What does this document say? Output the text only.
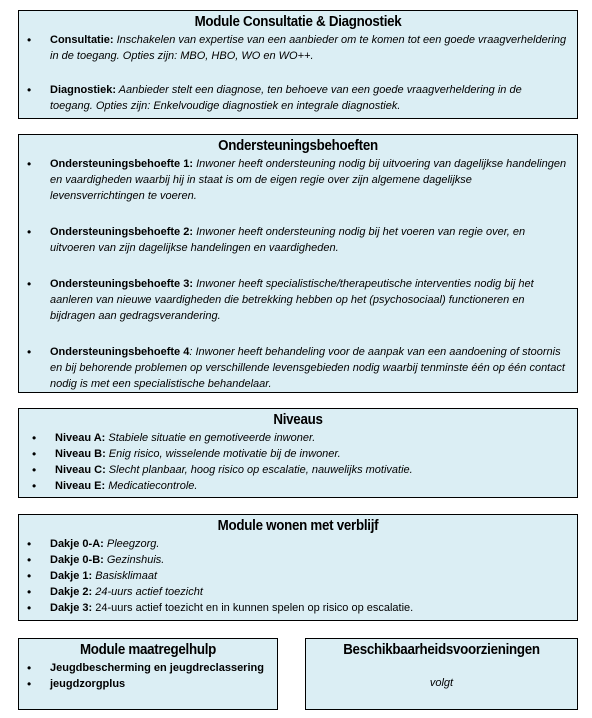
Module Consultatie & Diagnostiek
• Consultatie: Inschakelen van expertise van een aanbieder om te komen tot een goede vraagverheldering in de toegang. Opties zijn: MBO, HBO, WO en WO++.
• Diagnostiek: Aanbieder stelt een diagnose, ten behoeve van een goede vraagverheldering in de toegang. Opties zijn: Enkelvoudige diagnostiek en integrale diagnostiek.
Ondersteuningsbehoeften
• Ondersteuningsbehoefte 1: Inwoner heeft ondersteuning nodig bij uitvoering van dagelijkse handelingen en vaardigheden waarbij hij in staat is om de eigen regie over zijn algemene dagelijkse levensverrichtingen te voeren.
• Ondersteuningsbehoefte 2: Inwoner heeft ondersteuning nodig bij het voeren van regie over, en uitvoeren van zijn dagelijkse handelingen en vaardigheden.
• Ondersteuningsbehoefte 3: Inwoner heeft specialistische/therapeutische interventies nodig bij het aanleren van nieuwe vaardigheden die betrekking hebben op het (psychosociaal) functioneren en bijdragen aan gedragsverandering.
• Ondersteuningsbehoefte 4: Inwoner heeft behandeling voor de aanpak van een aandoening of stoornis en bij behorende problemen op verschillende levensgebieden nodig waarbij tenminste één op één contact nodig is met een specialistische behandelaar.
Niveaus
• Niveau A: Stabiele situatie en gemotiveerde inwoner.
• Niveau B: Enig risico, wisselende motivatie bij de inwoner.
• Niveau C: Slecht planbaar, hoog risico op escalatie, nauwelijks motivatie.
• Niveau E: Medicatiecontrole.
Module wonen met verblijf
• Dakje 0-A: Pleegzorg.
• Dakje 0-B: Gezinshuis.
• Dakje 1: Basisklimaat
• Dakje 2: 24-uurs actief toezicht
• Dakje 3: 24-uurs actief toezicht en in kunnen spelen op risico op escalatie.
Module maatregelhulp
• Jeugdbescherming en jeugdreclassering
• jeugdzorgplus
Beschikbaarheidsvoorzieningen
volgt
